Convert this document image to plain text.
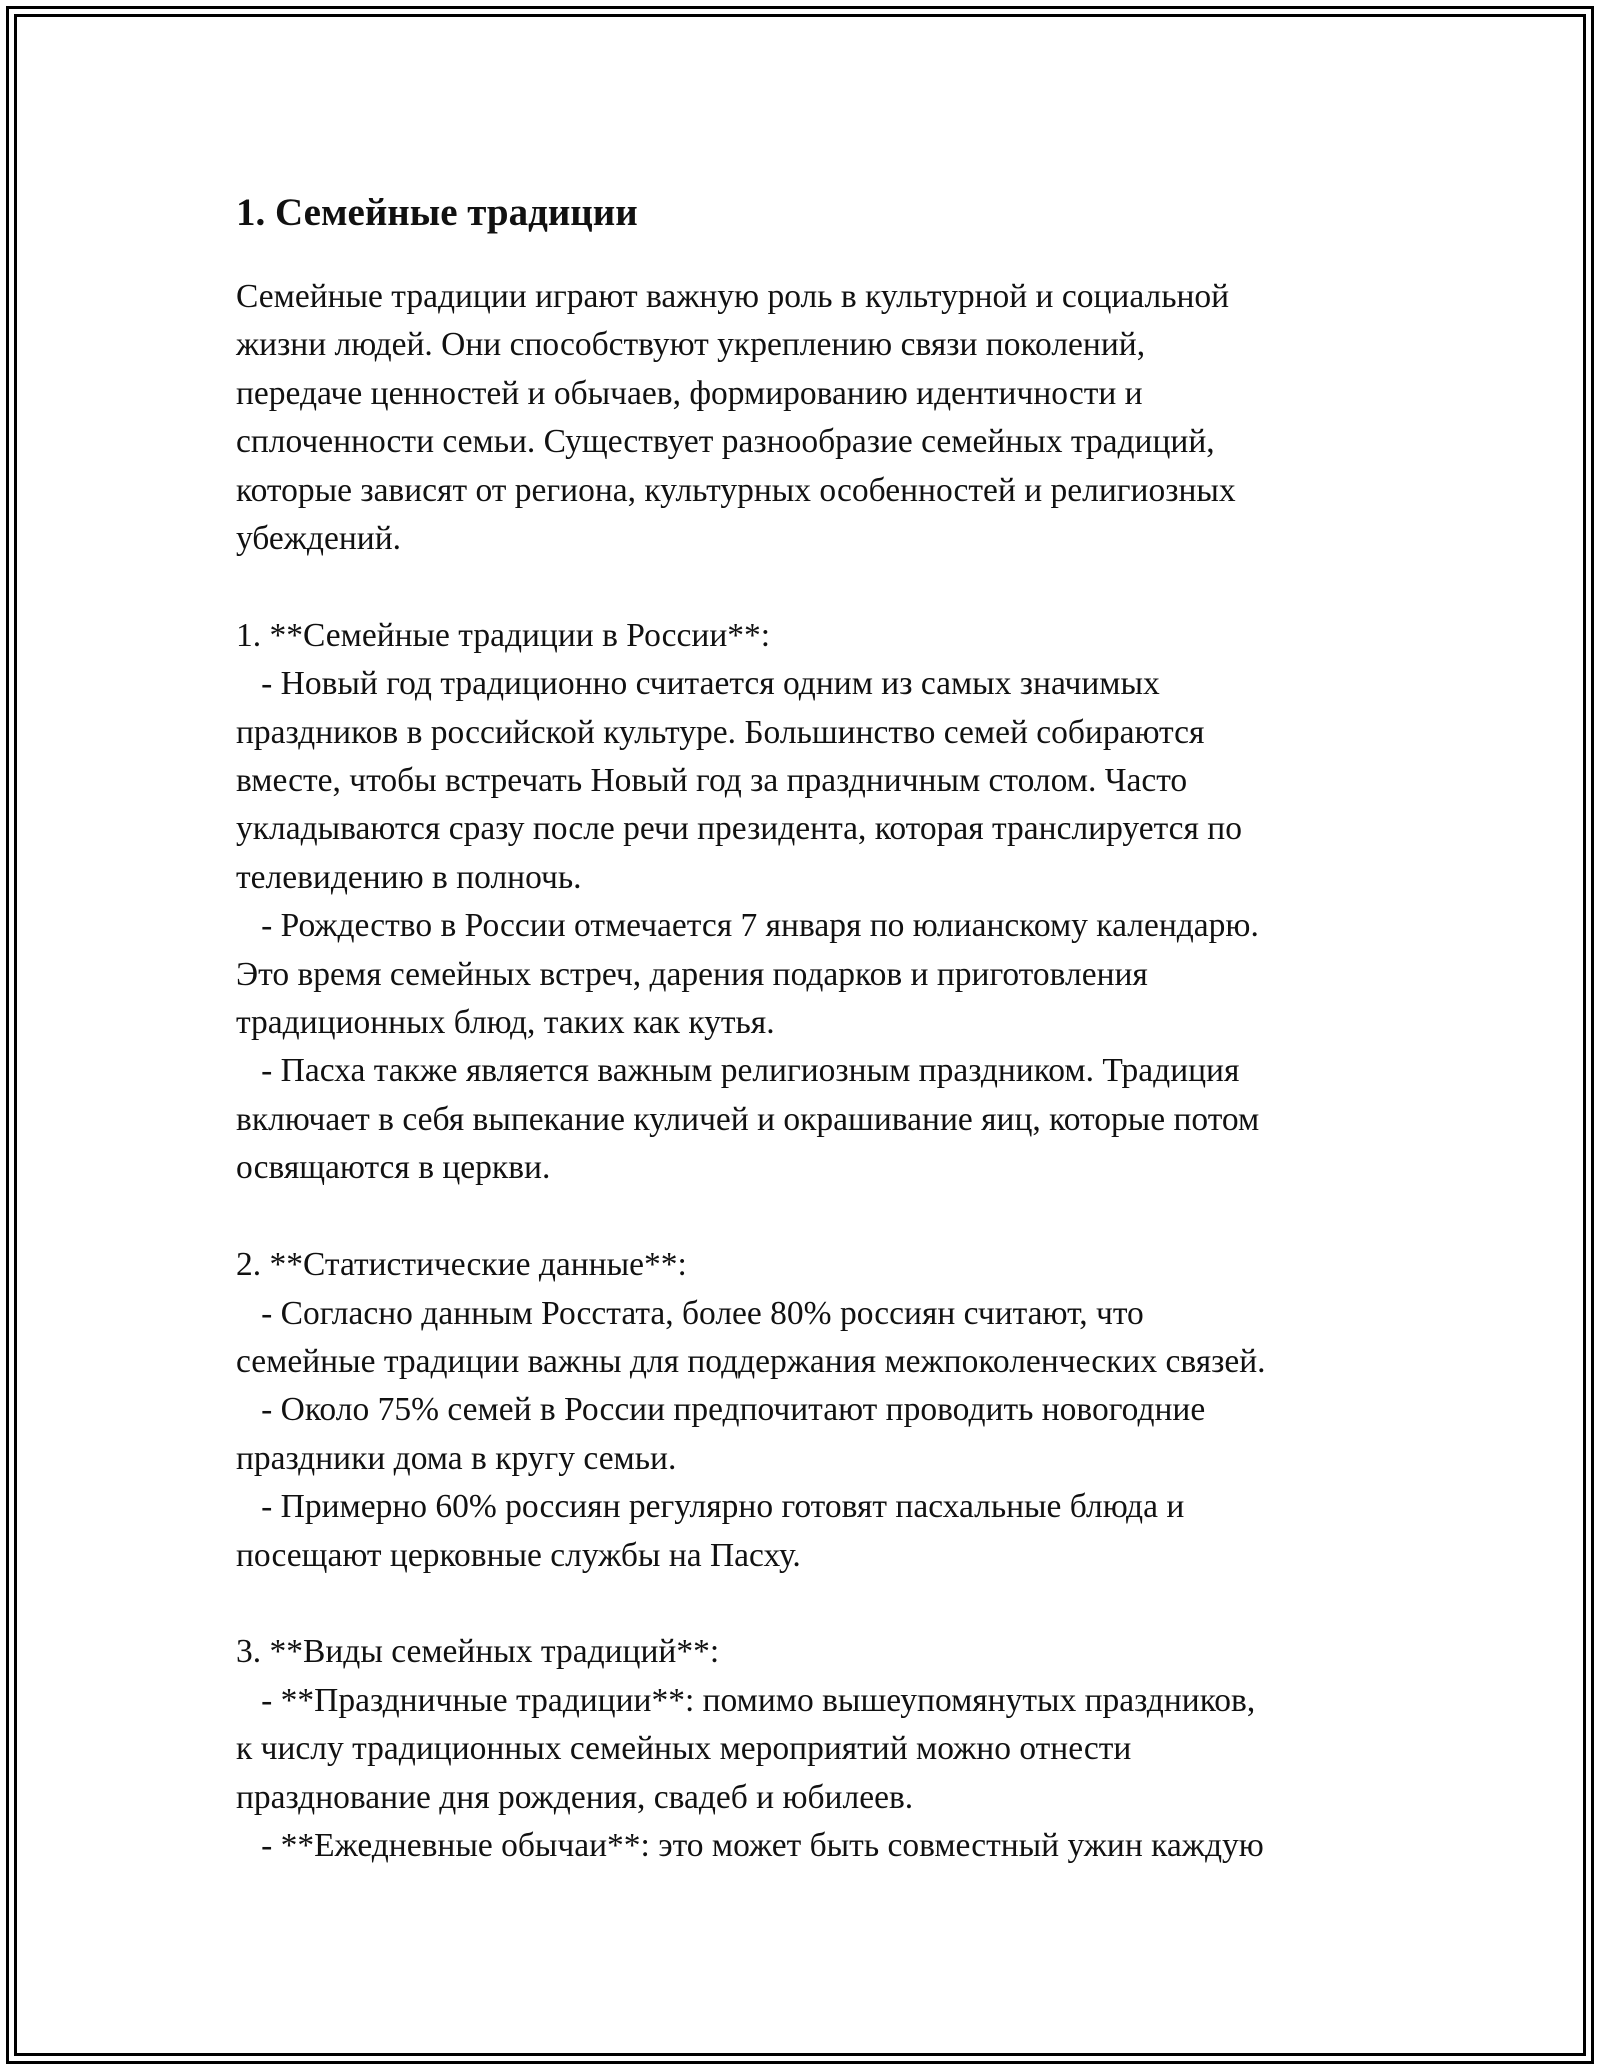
1. Семейные традиции

Семейные традиции играют важную роль в культурной и социальной
жизни людей. Они способствуют укреплению связи поколений,
передаче ценностей и обычаев, формированию идентичности и
сплоченности семьи. Существует разнообразие семейных традиций,
которые зависят от региона, культурных особенностей и религиозных
убеждений.

1. **Семейные традиции в России**:

- Новый год традиционно считается одним из самых значимых
праздников в российской культуре. Большинство семей собираются
вместе, чтобы встречать Новый год за праздничным столом. Часто
укладываются сразу после речи президента, которая транслируется по
телевидению в полночь.

- Рождество в России отмечается 7 января по юлианскому календарю.
Это время семейных встреч, дарения подарков и приготовления
традиционных блюд, таких как кутья.

- Пасха также является важным религиозным праздником. Традиция
включает в себя выпекание куличей и окрашивание яиц, которые потом
освящаются в церкви.

2. **Статистические данные**:

- Согласно данным Росстата, более 80% россиян считают, что
семейные традиции важны для поддержания межпоколенческих связей.

- Около 75% семей в России предпочитают проводить новогодние
праздники дома в кругу семьи.

- Примерно 60% россиян регулярно готовят пасхальные блюда и
посещают церковные службы на Пасху.

3. **Виды семейных традиций**:

- **Праздничные традиции**: помимо вышеупомянутых праздников,
к числу традиционных семейных мероприятий можно отнести
празднование дня рождения, свадеб и юбилеев.

- **Ежедневные обычаи**: это может быть совместный ужин каждую
